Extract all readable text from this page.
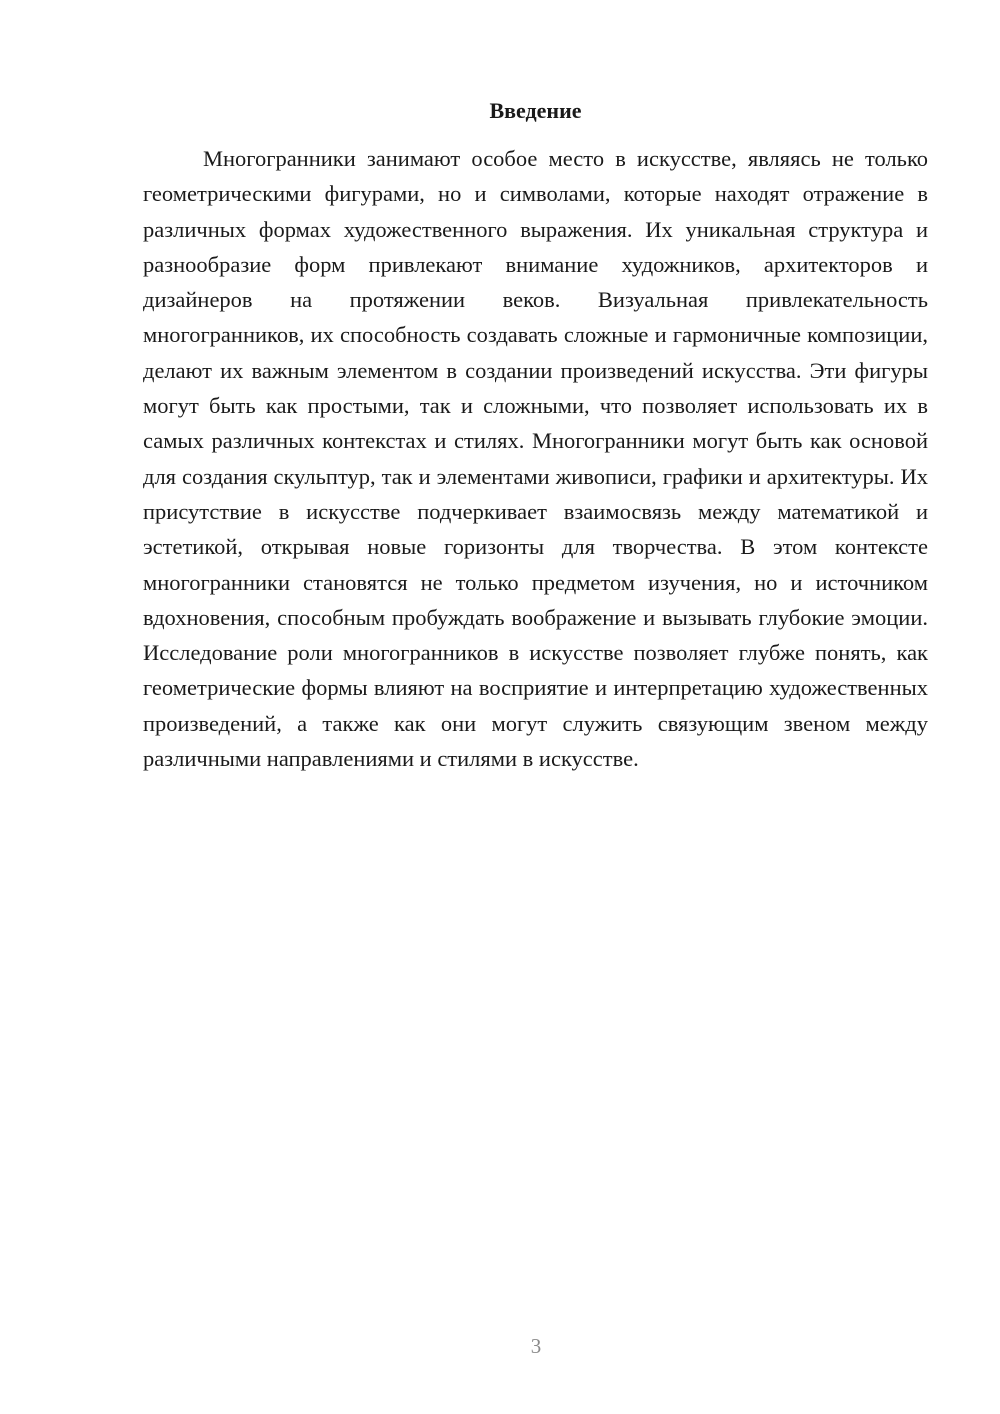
Введение

Многогранники занимают особое место в искусстве, являясь не только геометрическими фигурами, но и символами, которые находят отражение в различных формах художественного выражения. Их уникальная структура и разнообразие форм привлекают внимание художников, архитекторов и дизайнеров на протяжении веков. Визуальная привлекательность многогранников, их способность создавать сложные и гармоничные композиции, делают их важным элементом в создании произведений искусства. Эти фигуры могут быть как простыми, так и сложными, что позволяет использовать их в самых различных контекстах и стилях. Многогранники могут быть как основой для создания скульптур, так и элементами живописи, графики и архитектуры. Их присутствие в искусстве подчеркивает взаимосвязь между математикой и эстетикой, открывая новые горизонты для творчества. В этом контексте многогранники становятся не только предметом изучения, но и источником вдохновения, способным пробуждать воображение и вызывать глубокие эмоции. Исследование роли многогранников в искусстве позволяет глубже понять, как геометрические формы влияют на восприятие и интерпретацию художественных произведений, а также как они могут служить связующим звеном между различными направлениями и стилями в искусстве.

3
